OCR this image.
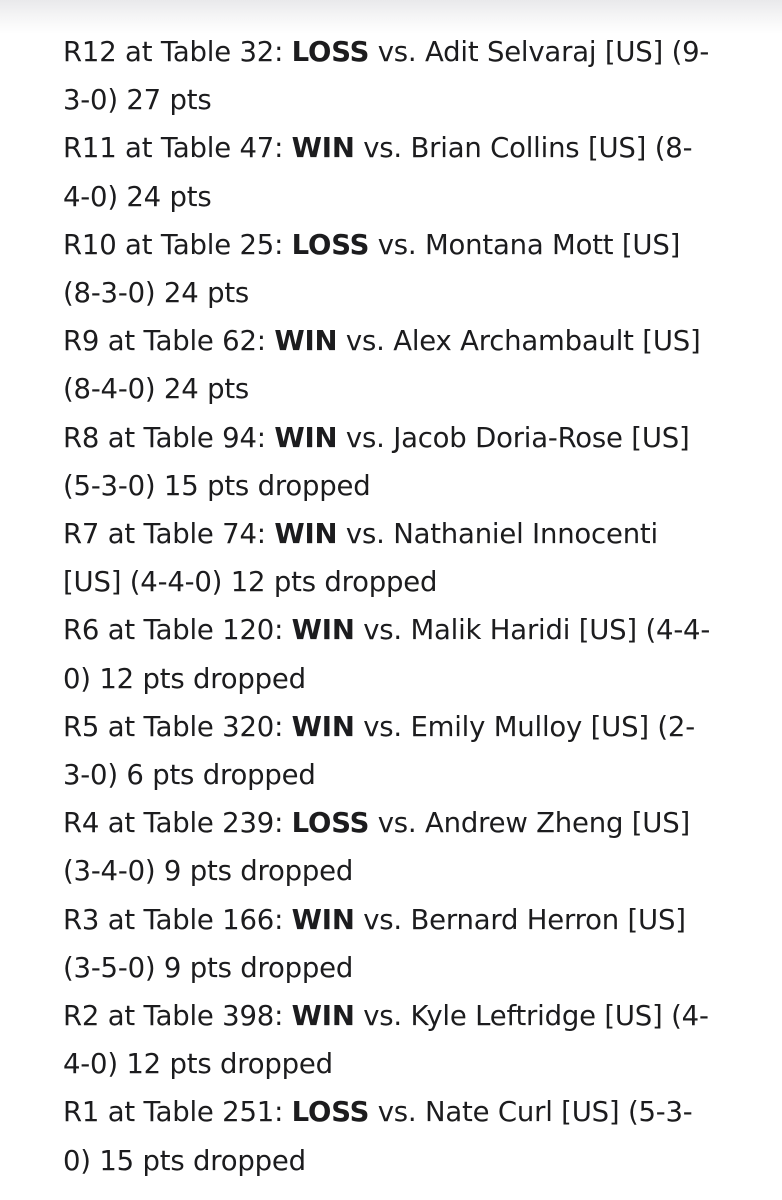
R12 at Table 32: LOSS vs. Adit Selvaraj [US] (9-3-0) 27 pts
R11 at Table 47: WIN vs. Brian Collins [US] (8-4-0) 24 pts
R10 at Table 25: LOSS vs. Montana Mott [US] (8-3-0) 24 pts
R9 at Table 62: WIN vs. Alex Archambault [US] (8-4-0) 24 pts
R8 at Table 94: WIN vs. Jacob Doria-Rose [US] (5-3-0) 15 pts dropped
R7 at Table 74: WIN vs. Nathaniel Innocenti [US] (4-4-0) 12 pts dropped
R6 at Table 120: WIN vs. Malik Haridi [US] (4-4-0) 12 pts dropped
R5 at Table 320: WIN vs. Emily Mulloy [US] (2-3-0) 6 pts dropped
R4 at Table 239: LOSS vs. Andrew Zheng [US] (3-4-0) 9 pts dropped
R3 at Table 166: WIN vs. Bernard Herron [US] (3-5-0) 9 pts dropped
R2 at Table 398: WIN vs. Kyle Leftridge [US] (4-4-0) 12 pts dropped
R1 at Table 251: LOSS vs. Nate Curl [US] (5-3-0) 15 pts dropped
